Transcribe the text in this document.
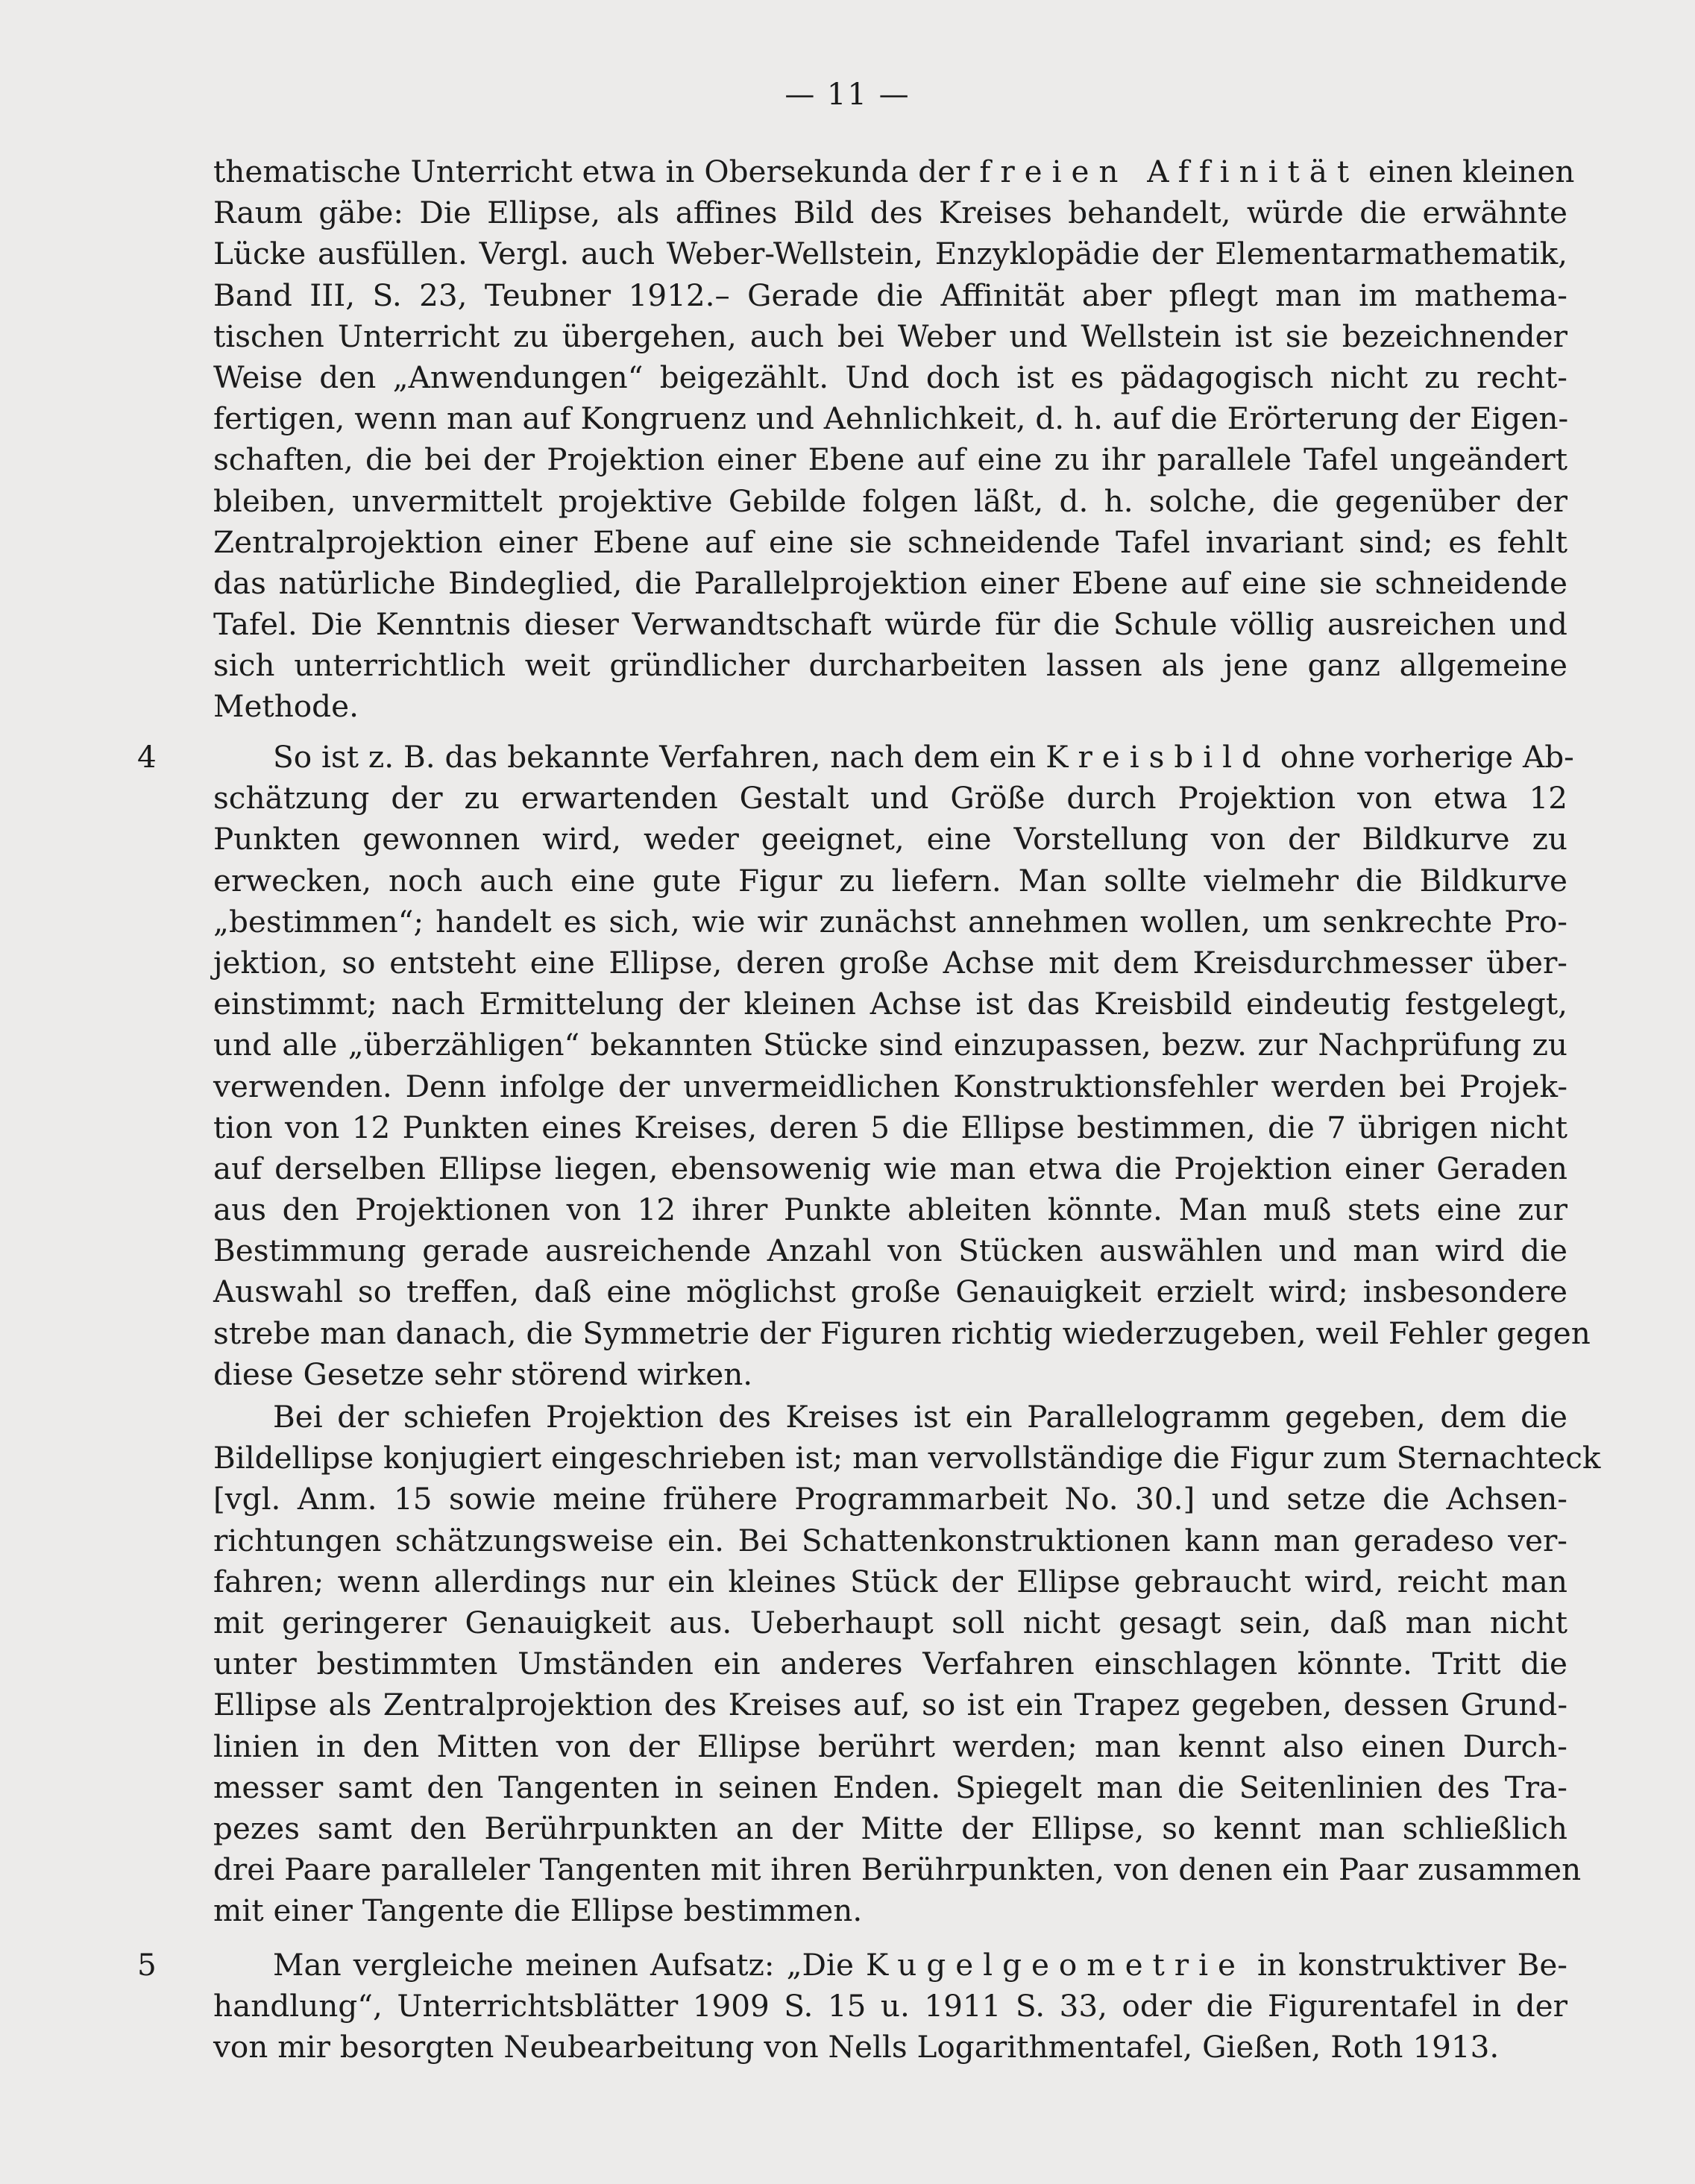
— 11 —
thematische Unterricht etwa in Obersekunda der freien Affinität einen kleinen
Raum gäbe: Die Ellipse, als affines Bild des Kreises behandelt, würde die erwähnte
Lücke ausfüllen. Vergl. auch Weber-Wellstein, Enzyklopädie der Elementarmathematik,
Band III, S. 23, Teubner 1912.– Gerade die Affinität aber pflegt man im mathema-
tischen Unterricht zu übergehen, auch bei Weber und Wellstein ist sie bezeichnender
Weise den „Anwendungen“ beigezählt. Und doch ist es pädagogisch nicht zu recht-
fertigen, wenn man auf Kongruenz und Aehnlichkeit, d. h. auf die Erörterung der Eigen-
schaften, die bei der Projektion einer Ebene auf eine zu ihr parallele Tafel ungeändert
bleiben, unvermittelt projektive Gebilde folgen läßt, d. h. solche, die gegenüber der
Zentralprojektion einer Ebene auf eine sie schneidende Tafel invariant sind; es fehlt
das natürliche Bindeglied, die Parallelprojektion einer Ebene auf eine sie schneidende
Tafel. Die Kenntnis dieser Verwandtschaft würde für die Schule völlig ausreichen und
sich unterrichtlich weit gründlicher durcharbeiten lassen als jene ganz allgemeine
Methode.
4	So ist z. B. das bekannte Verfahren, nach dem ein Kreisbild ohne vorherige Ab-
schätzung der zu erwartenden Gestalt und Größe durch Projektion von etwa 12
Punkten gewonnen wird, weder geeignet, eine Vorstellung von der Bildkurve zu
erwecken, noch auch eine gute Figur zu liefern. Man sollte vielmehr die Bildkurve
„bestimmen“; handelt es sich, wie wir zunächst annehmen wollen, um senkrechte Pro-
jektion, so entsteht eine Ellipse, deren große Achse mit dem Kreisdurchmesser über-
einstimmt; nach Ermittelung der kleinen Achse ist das Kreisbild eindeutig festgelegt,
und alle „überzähligen“ bekannten Stücke sind einzupassen, bezw. zur Nachprüfung zu
verwenden. Denn infolge der unvermeidlichen Konstruktionsfehler werden bei Projek-
tion von 12 Punkten eines Kreises, deren 5 die Ellipse bestimmen, die 7 übrigen nicht
auf derselben Ellipse liegen, ebensowenig wie man etwa die Projektion einer Geraden
aus den Projektionen von 12 ihrer Punkte ableiten könnte. Man muß stets eine zur
Bestimmung gerade ausreichende Anzahl von Stücken auswählen und man wird die
Auswahl so treffen, daß eine möglichst große Genauigkeit erzielt wird; insbesondere
strebe man danach, die Symmetrie der Figuren richtig wiederzugeben, weil Fehler gegen
diese Gesetze sehr störend wirken.
Bei der schiefen Projektion des Kreises ist ein Parallelogramm gegeben, dem die
Bildellipse konjugiert eingeschrieben ist; man vervollständige die Figur zum Sternachteck
[vgl. Anm. 15 sowie meine frühere Programmarbeit No. 30.] und setze die Achsen-
richtungen schätzungsweise ein. Bei Schattenkonstruktionen kann man geradeso ver-
fahren; wenn allerdings nur ein kleines Stück der Ellipse gebraucht wird, reicht man
mit geringerer Genauigkeit aus. Ueberhaupt soll nicht gesagt sein, daß man nicht
unter bestimmten Umständen ein anderes Verfahren einschlagen könnte. Tritt die
Ellipse als Zentralprojektion des Kreises auf, so ist ein Trapez gegeben, dessen Grund-
linien in den Mitten von der Ellipse berührt werden; man kennt also einen Durch-
messer samt den Tangenten in seinen Enden. Spiegelt man die Seitenlinien des Tra-
pezes samt den Berührpunkten an der Mitte der Ellipse, so kennt man schließlich
drei Paare paralleler Tangenten mit ihren Berührpunkten, von denen ein Paar zusammen
mit einer Tangente die Ellipse bestimmen.
5	Man vergleiche meinen Aufsatz: „Die Kugelgeometrie in konstruktiver Be-
handlung“, Unterrichtsblätter 1909 S. 15 u. 1911 S. 33, oder die Figurentafel in der
von mir besorgten Neubearbeitung von Nells Logarithmentafel, Gießen, Roth 1913.
